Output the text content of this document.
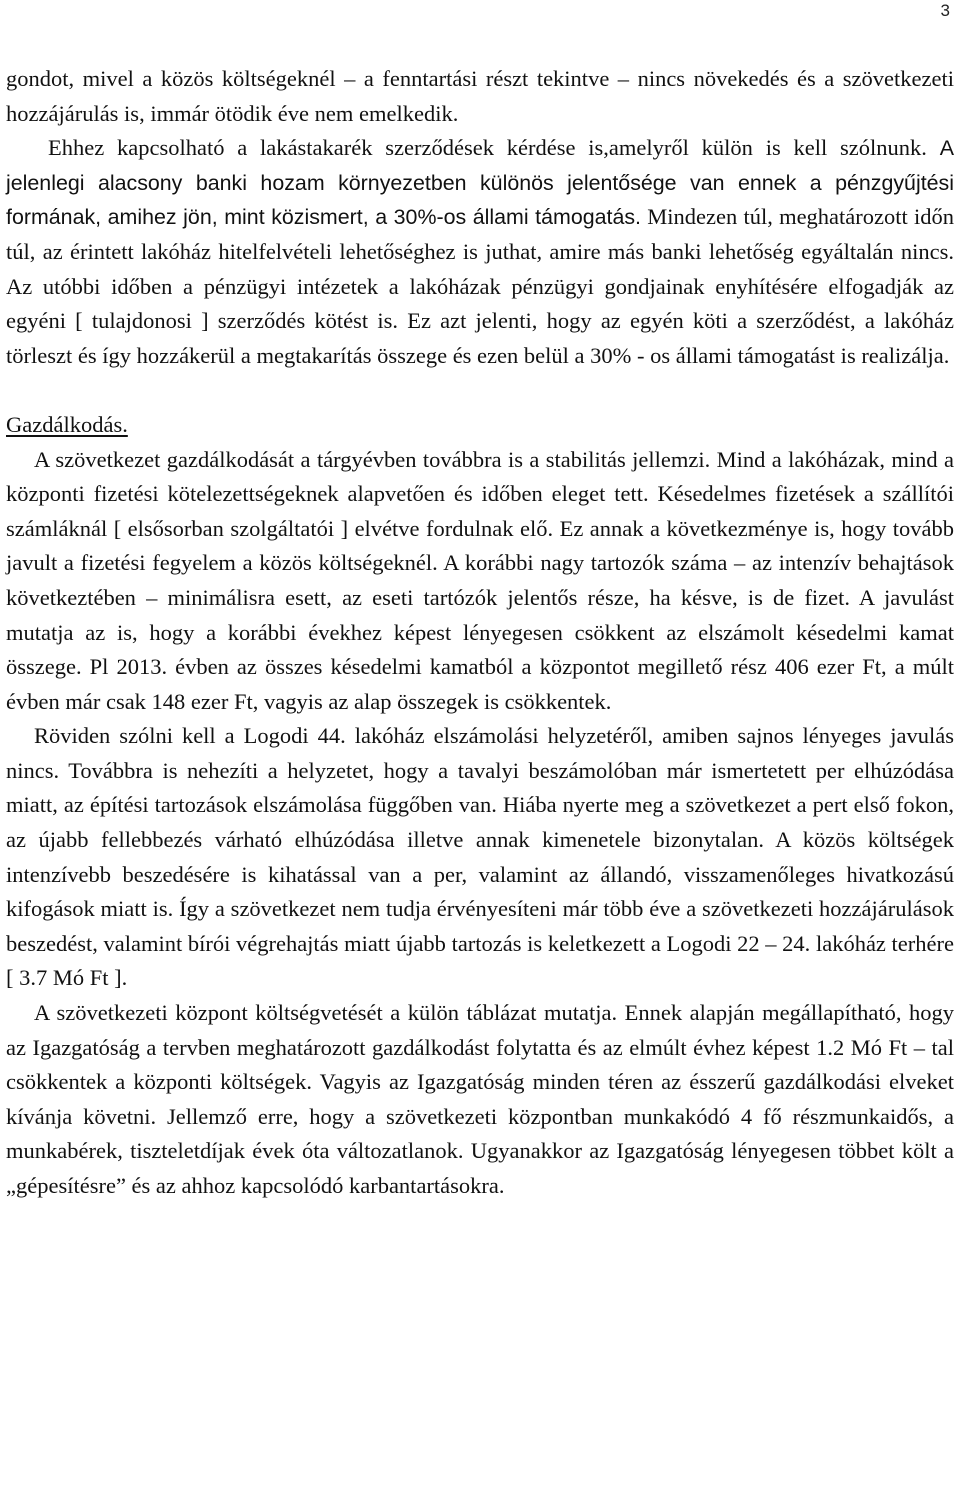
3

gondot, mivel a közös költségeknél – a fenntartási részt tekintve – nincs növekedés és a szövetkezeti hozzájárulás is, immár ötödik éve nem emelkedik.

Ehhez kapcsolható a lakástakarék szerződések kérdése is,amelyről külön is kell szólnunk. A jelenlegi alacsony banki hozam környezetben különös jelentősége van ennek a pénzgyűjtési formának, amihez jön, mint közismert, a 30%-os állami támogatás. Mindezen túl, meghatározott időn túl, az érintett lakóház hitelfelvételi lehetőséghez is juthat, amire más banki lehetőség egyáltalán nincs. Az utóbbi időben a pénzügyi intézetek a lakóházak pénzügyi gondjainak enyhítésére elfogadják az egyéni [ tulajdonosi ] szerződés kötést is. Ez azt jelenti, hogy az egyén köti a szerződést, a lakóház törleszt és így hozzákerül a megtakarítás összege és ezen belül a 30% - os állami támogatást is realizálja.

Gazdálkodás.

A szövetkezet gazdálkodását a tárgyévben továbbra is a stabilitás jellemzi. Mind a lakóházak, mind a központi fizetési kötelezettségeknek alapvetően és időben eleget tett. Késedelmes fizetések a szállítói számláknál [ elsősorban szolgáltatói ] elvétve fordulnak elő. Ez annak a következménye is, hogy tovább javult a fizetési fegyelem a közös költségeknél. A korábbi nagy tartozók száma – az intenzív behajtások következtében – minimálisra esett, az eseti tartózók jelentős része, ha késve, is de fizet. A javulást mutatja az is, hogy a korábbi évekhez képest lényegesen csökkent az elszámolt késedelmi kamat összege. Pl 2013. évben az összes késedelmi kamatból a központot megillető rész 406 ezer Ft, a múlt évben már csak 148 ezer Ft, vagyis az alap összegek is csökkentek.

Röviden szólni kell a Logodi 44. lakóház elszámolási helyzetéről, amiben sajnos lényeges javulás nincs. Továbbra is nehezíti a helyzetet, hogy a tavalyi beszámolóban már ismertetett per elhúzódása miatt, az építési tartozások elszámolása függőben van. Hiába nyerte meg a szövetkezet a pert első fokon, az újabb fellebbezés várható elhúzódása illetve annak kimenetele bizonytalan. A közös költségek intenzívebb beszedésére is kihatással van a per, valamint az állandó, visszamenőleges hivatkozású kifogások miatt is. Így a szövetkezet nem tudja érvényesíteni már több éve a szövetkezeti hozzájárulások beszedést, valamint bírói végrehajtás miatt újabb tartozás is keletkezett a Logodi 22 – 24. lakóház terhére [ 3.7 Mó Ft ].

A szövetkezeti központ költségvetését a külön táblázat mutatja. Ennek alapján megállapítható, hogy az Igazgatóság a tervben meghatározott gazdálkodást folytatta és az elmúlt évhez képest 1.2 Mó Ft – tal csökkentek a központi költségek. Vagyis az Igazgatóság minden téren az ésszerű gazdálkodási elveket kívánja követni. Jellemző erre, hogy a szövetkezeti központban munkakódó 4 fő részmunkaidős, a munkabérek, tiszteletdíjak évek óta változatlanok. Ugyanakkor az Igazgatóság lényegesen többet költ a „gépesítésre” és az ahhoz kapcsolódó karbantartásokra.
